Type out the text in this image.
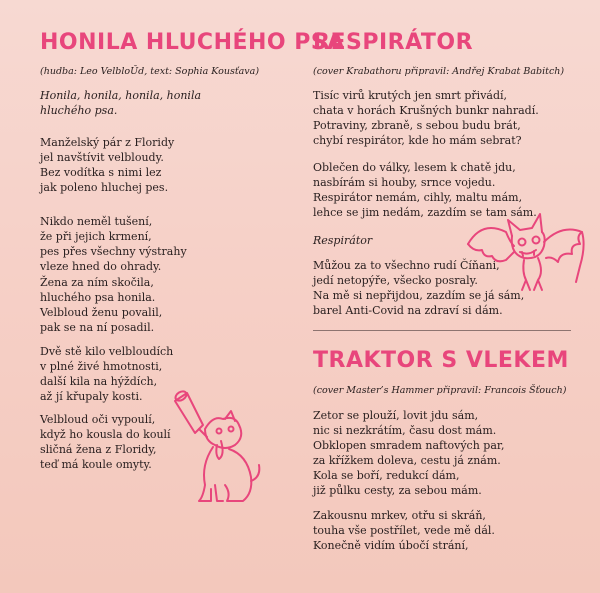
HONILA HLUCHÉHO PSA
(hudba: Leo VelbloŬd, text: Sophia Kousťava)
Honila, honila, honila, honila
hluchého psa.
Manželský pár z Floridy
jel navštívit velbloudy.
Bez vodítka s nimi lez
jak poleno hluchej pes.
Nikdo neměl tušení,
že při jejich krmení,
pes přes všechny výstrahy
vleze hned do ohrady.
Žena za ním skočila,
hluchého psa honila.
Velbloud ženu povalil,
pak se na ní posadil.
Dvě stě kilo velbloudích
v plné živé hmotnosti,
další kila na hýždích,
až jí křupaly kosti.
Velbloud oči vypoulí,
když ho kousla do koulí
sličná žena z Floridy,
teď má koule omyty.
RESPIRÁTOR
(cover Krabathoru připravil: Andřej Krabat Babitch)
Tisíc virů krutých jen smrt přivádí,
chata v horách Krušných bunkr nahradí.
Potraviny, zbraně, s sebou budu brát,
chybí respirátor, kde ho mám sebrat?
Oblečen do války, lesem k chatě jdu,
nasbírám si houby, srnce vojedu.
Respirátor nemám, cihly, maltu mám,
lehce se jim nedám, zazdím se tam sám.
Respirátor
Můžou za to všechno rudí Číňani,
jedí netopýře, všecko posraly.
Na mě si nepřijdou, zazdím se já sám,
barel Anti-Covid na zdraví si dám.
TRAKTOR S VLEKEM
(cover Master’s Hammer připravil: Francois Šťouch)
Zetor se plouží, lovit jdu sám,
nic si nezkrátím, času dost mám.
Obklopen smradem naftových par,
za křížkem doleva, cestu já znám.
Kola se boří, redukcí dám,
již půlku cesty, za sebou mám.
Zakousnu mrkev, otřu si skráň,
touha vše postřílet, vede mě dál.
Konečně vidím úbočí strání,
